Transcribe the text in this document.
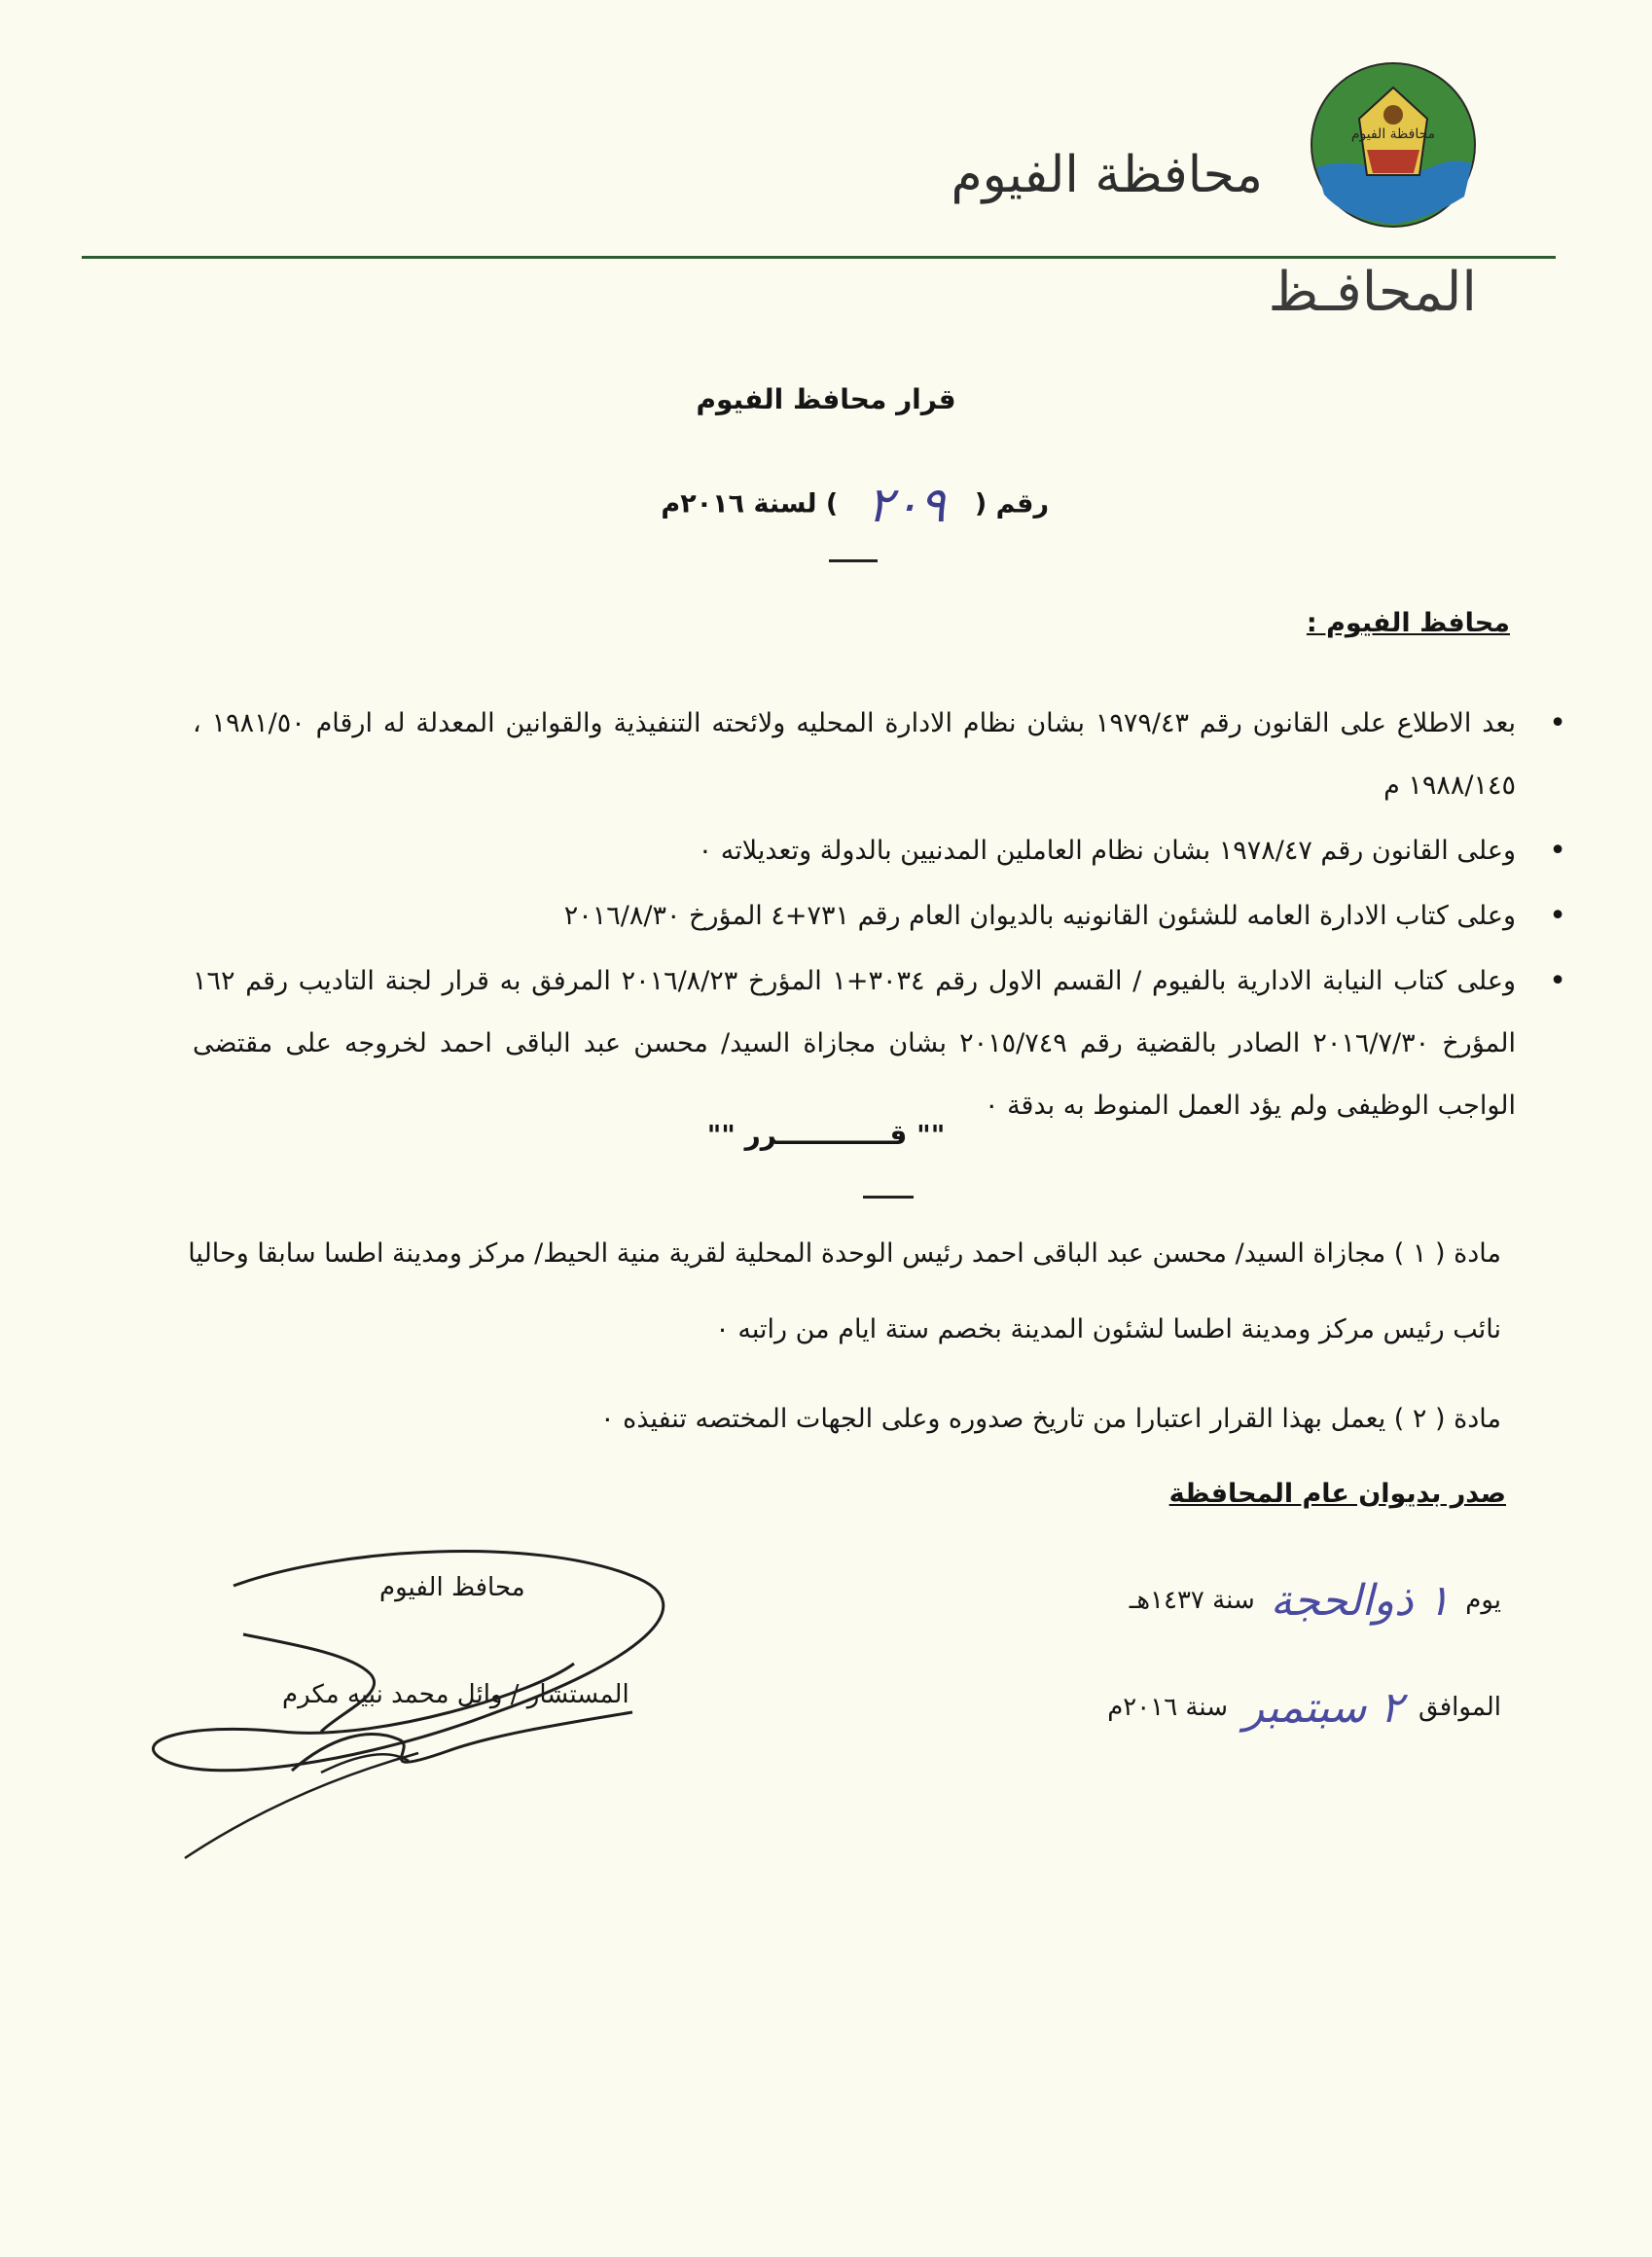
محافظة الفيوم
محافظة الفيوم
المحافـظ
قرار محافظ الفيوم
رقم (٢٠٩) لسنة ٢٠١٦م
محافظ الفيوم :
• بعد الاطلاع على القانون رقم ١٩٧٩/٤٣ بشان نظام الادارة المحليه ولائحته التنفيذية والقوانين المعدلة له ارقام ١٩٨١/٥٠ ، ١٩٨٨/١٤٥ م
• وعلى القانون رقم ١٩٧٨/٤٧ بشان نظام العاملين المدنيين بالدولة وتعديلاته ٠
• وعلى كتاب الادارة العامه للشئون القانونيه بالديوان العام رقم ٧٣١+٤ المؤرخ ٢٠١٦/٨/٣٠
• وعلى كتاب النيابة الادارية بالفيوم / القسم الاول رقم ٣٠٣٤+١ المؤرخ ٢٠١٦/٨/٢٣ المرفق به قرار لجنة التاديب رقم ١٦٢ المؤرخ ٢٠١٦/٧/٣٠ الصادر بالقضية رقم ٢٠١٥/٧٤٩ بشان مجازاة السيد/ محسن عبد الباقى احمد لخروجه على مقتضى الواجب الوظيفى ولم يؤد العمل المنوط به بدقة ٠
"" قــــــــــــرر ""
مادة ( ١ ) مجازاة السيد/ محسن عبد الباقى احمد رئيس الوحدة المحلية لقرية منية الحيط/ مركز ومدينة اطسا سابقا وحاليا نائب رئيس مركز ومدينة اطسا لشئون المدينة بخصم ستة ايام من راتبه ٠
مادة ( ٢ ) يعمل بهذا القرار اعتبارا من تاريخ صدوره وعلى الجهات المختصه تنفيذه ٠
صدر بديوان عام المحافظة
يوم١ ذوالحجةسنة ١٤٣٧هـ
الموافق٢ سبتمبرسنة ٢٠١٦م
محافظ الفيوم
المستشار / وائل محمد نبيه مكرم
